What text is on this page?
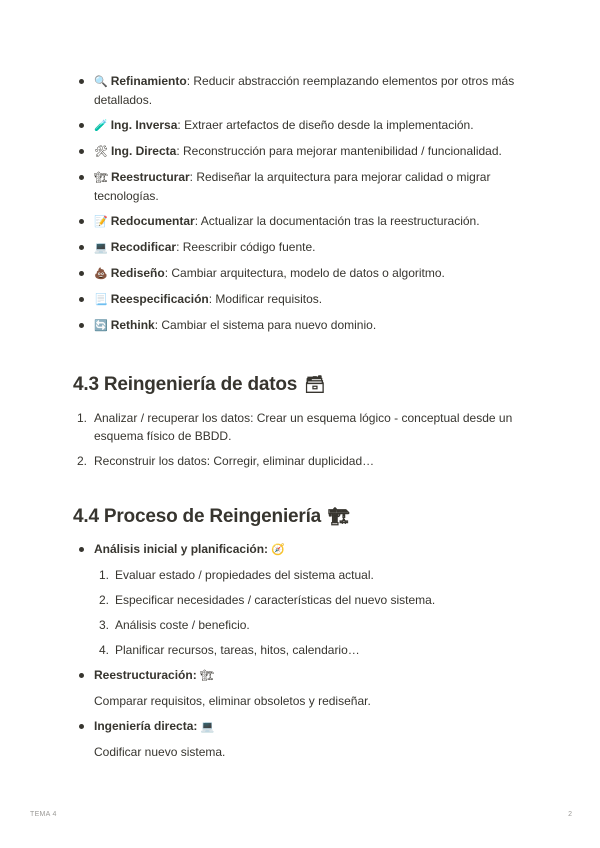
🔍 Refinamiento: Reducir abstracción reemplazando elementos por otros más detallados.
🧪 Ing. Inversa: Extraer artefactos de diseño desde la implementación.
🛠 Ing. Directa: Reconstrucción para mejorar mantenibilidad / funcionalidad.
🏗 Reestructurar: Rediseñar la arquitectura para mejorar calidad o migrar tecnologías.
📝 Redocumentar: Actualizar la documentación tras la reestructuración.
💻 Recodificar: Reescribir código fuente.
💩 Rediseño: Cambiar arquitectura, modelo de datos o algoritmo.
📃 Reespecificación: Modificar requisitos.
🔄 Rethink: Cambiar el sistema para nuevo dominio.
4.3 Reingeniería de datos 🗃
1. Analizar / recuperar los datos: Crear un esquema lógico - conceptual desde un esquema físico de BBDD.
2. Reconstruir los datos: Corregir, eliminar duplicidad…
4.4 Proceso de Reingeniería 🏗
Análisis inicial y planificación: 🧭
1. Evaluar estado / propiedades del sistema actual.
2. Especificar necesidades / características del nuevo sistema.
3. Análisis coste / beneficio.
4. Planificar recursos, tareas, hitos, calendario…
Reestructuración: 🏗
Comparar requisitos, eliminar obsoletos y rediseñar.
Ingeniería directa: 💻
Codificar nuevo sistema.
TEMA 4	2
